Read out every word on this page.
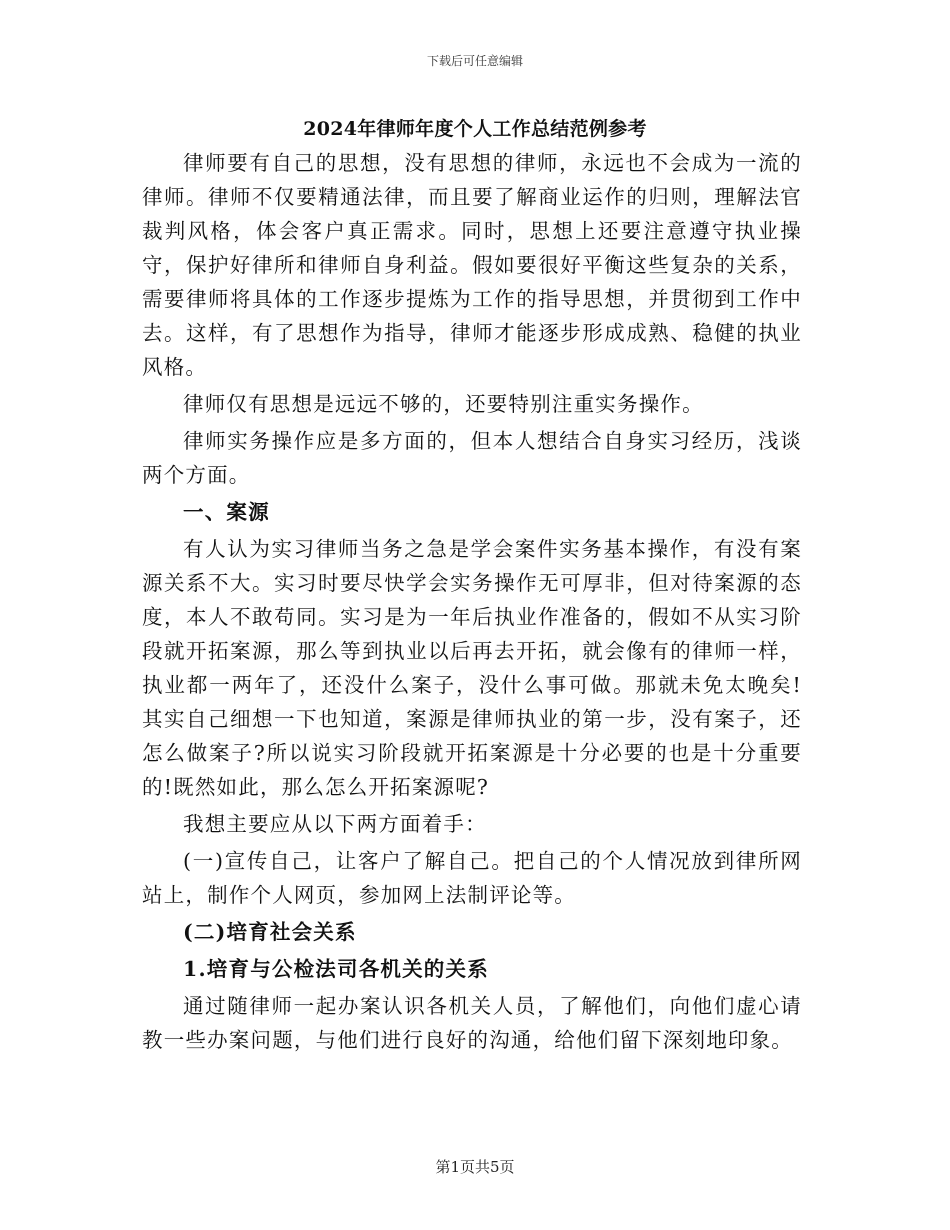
下载后可任意编辑
2024年律师年度个人工作总结范例参考

律师要有自己的思想，没有思想的律师，永远也不会成为一流的律师。律师不仅要精通法律，而且要了解商业运作的归则，理解法官裁判风格，体会客户真正需求。同时，思想上还要注意遵守执业操守，保护好律所和律师自身利益。假如要很好平衡这些复杂的关系，需要律师将具体的工作逐步提炼为工作的指导思想，并贯彻到工作中去。这样，有了思想作为指导，律师才能逐步形成成熟、稳健的执业风格。

律师仅有思想是远远不够的，还要特别注重实务操作。

律师实务操作应是多方面的，但本人想结合自身实习经历，浅谈两个方面。

一、案源

有人认为实习律师当务之急是学会案件实务基本操作，有没有案源关系不大。实习时要尽快学会实务操作无可厚非，但对待案源的态度，本人不敢苟同。实习是为一年后执业作准备的，假如不从实习阶段就开拓案源，那么等到执业以后再去开拓，就会像有的律师一样，执业都一两年了，还没什么案子，没什么事可做。那就未免太晚矣!其实自己细想一下也知道，案源是律师执业的第一步，没有案子，还怎么做案子?所以说实习阶段就开拓案源是十分必要的也是十分重要的!既然如此，那么怎么开拓案源呢?

我想主要应从以下两方面着手：

(一)宣传自己，让客户了解自己。把自己的个人情况放到律所网站上，制作个人网页，参加网上法制评论等。

(二)培育社会关系

1.培育与公检法司各机关的关系

通过随律师一起办案认识各机关人员，了解他们，向他们虚心请教一些办案问题，与他们进行良好的沟通，给他们留下深刻地印象。

第1页共5页
